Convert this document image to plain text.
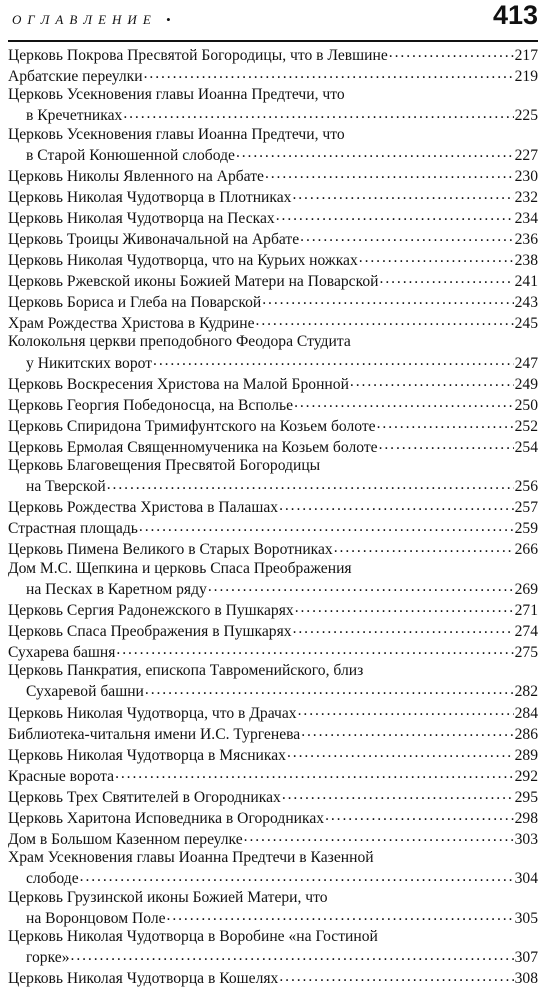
ОГЛАВЛЕНИЕ •	413
Церковь Покрова Пресвятой Богородицы, что в Левшине . . .	217
Арбатские переулки . . .	219
Церковь Усекновения главы Иоанна Предтечи, что
в Кречетниках . . .	225
Церковь Усекновения главы Иоанна Предтечи, что
в Старой Конюшенной слободе . . .	227
Церковь Николы Явленного на Арбате . . .	230
Церковь Николая Чудотворца в Плотниках . . .	232
Церковь Николая Чудотворца на Песках . . .	234
Церковь Троицы Живоначальной на Арбате . . .	236
Церковь Николая Чудотворца, что на Курьих ножках . . .	238
Церковь Ржевской иконы Божией Матери на Поварской . . .	241
Церковь Бориса и Глеба на Поварской . . .	243
Храм Рождества Христова в Кудрине . . .	245
Колокольня церкви преподобного Феодора Студита
у Никитских ворот . . .	247
Церковь Воскресения Христова на Малой Бронной . . .	249
Церковь Георгия Победоносца, на Всполье . . .	250
Церковь Спиридона Тримифунтского на Козьем болоте . . .	252
Церковь Ермолая Священномученика на Козьем болоте . . .	254
Церковь Благовещения Пресвятой Богородицы
на Тверской . . .	256
Церковь Рождества Христова в Палашах . . .	257
Страстная площадь . . .	259
Церковь Пимена Великого в Старых Воротниках . . .	266
Дом М.С. Щепкина и церковь Спаса Преображения
на Песках в Каретном ряду . . .	269
Церковь Сергия Радонежского в Пушкарях . . .	271
Церковь Спаса Преображения в Пушкарях . . .	274
Сухарева башня . . .	275
Церковь Панкратия, епископа Тавроменийского, близ
Сухаревой башни . . .	282
Церковь Николая Чудотворца, что в Драчах . . .	284
Библиотека-читальня имени И.С. Тургенева . . .	286
Церковь Николая Чудотворца в Мясниках . . .	289
Красные ворота . . .	292
Церковь Трех Святителей в Огородниках . . .	295
Церковь Харитона Исповедника в Огородниках . . .	298
Дом в Большом Казенном переулке . . .	303
Храм Усекновения главы Иоанна Предтечи в Казенной
слободе . . .	304
Церковь Грузинской иконы Божией Матери, что
на Воронцовом Поле . . .	305
Церковь Николая Чудотворца в Воробине «на Гостиной
горке» . . .	307
Церковь Николая Чудотворца в Кошелях . . .	308
